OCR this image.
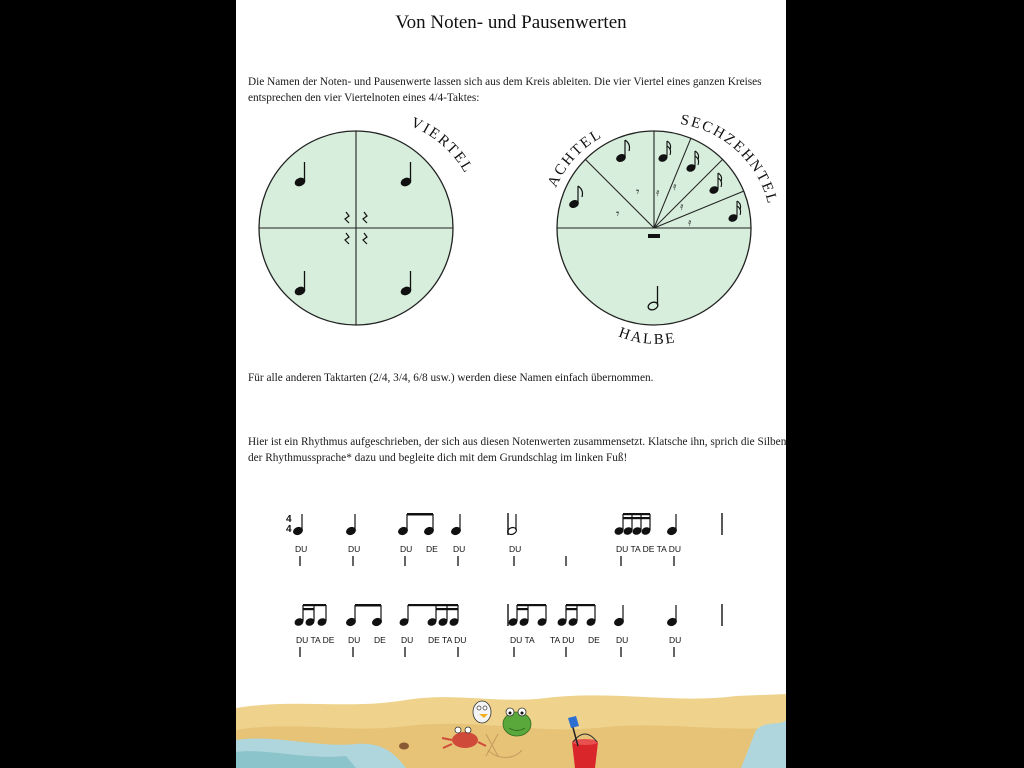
Von Noten- und Pausenwerten
Die Namen der Noten- und Pausenwerte lassen sich aus dem Kreis ableiten. Die vier Viertel eines ganzen Kreises
entsprechen den vier Viertelnoten eines 4/4-Taktes:
VIERTEL
𝄾
𝄾 𝄿 𝄿
𝄿
𝄿
ACHTEL
SECHZEHNTEL
HALBE
4
4
DU	DU	DU DE DU	DU	DU TA DE TA DU
DU TA DE DU DE DU DE TA DU	DU TA TA DU DE DU	DU
Für alle anderen Taktarten (2/4, 3/4, 6/8 usw.) werden diese Namen einfach übernommen.
Hier ist ein Rhythmus aufgeschrieben, der sich aus diesen Notenwerten zusammensetzt. Klatsche ihn, sprich die Silben
der Rhythmussprache* dazu und begleite dich mit dem Grundschlag im linken Fuß!
